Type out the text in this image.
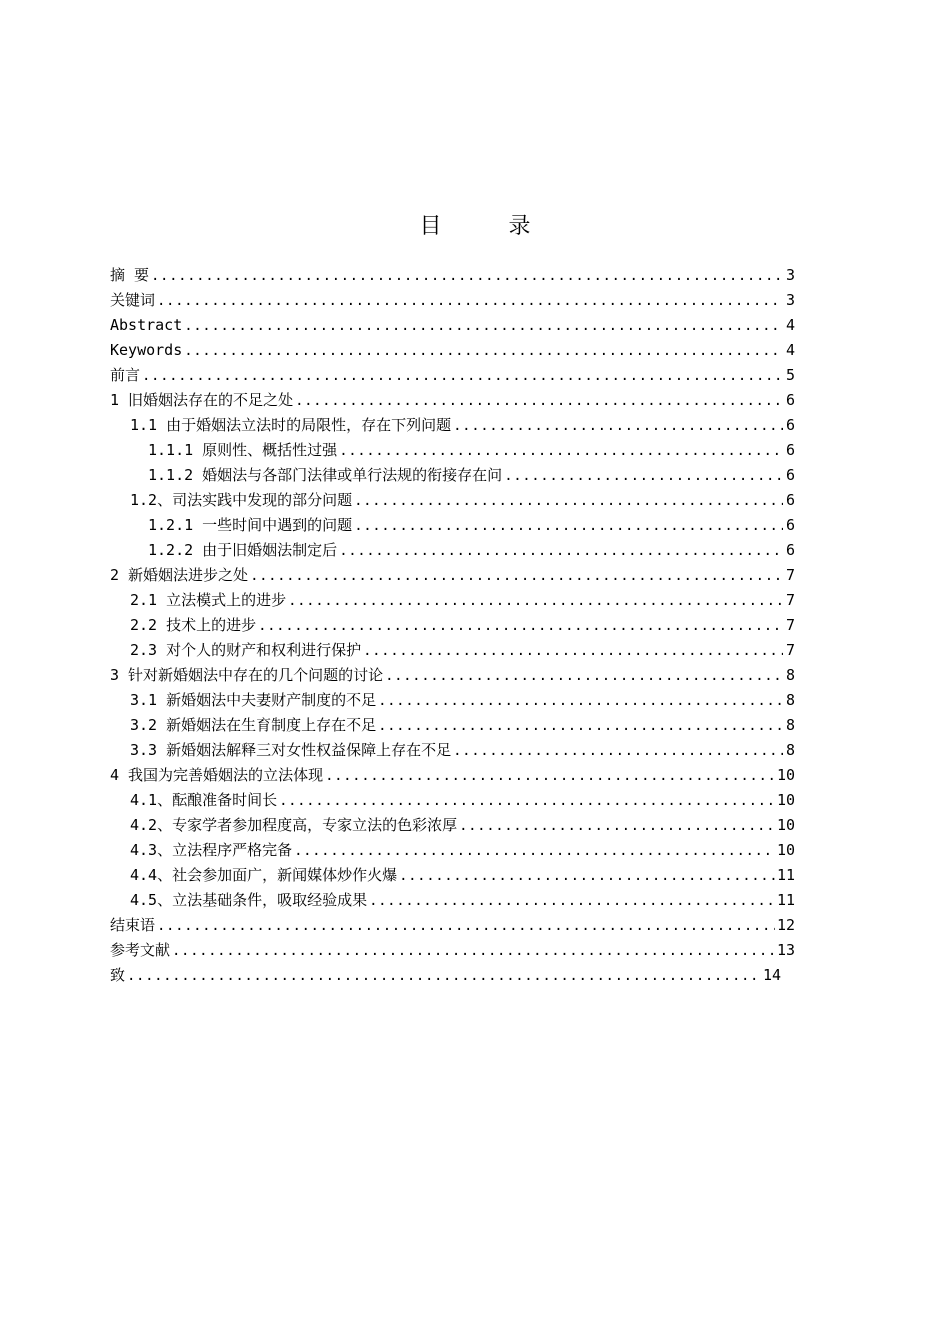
目 录
摘 要 .....	3
关键词 .....	3
Abstract .....	4
Keywords .....	4
前言 .....	5
1 旧婚姻法存在的不足之处 .....	6
1.1 由于婚姻法立法时的局限性，存在下列问题 .....	6
1.1.1 原则性、概括性过强 .....	6
1.1.2 婚姻法与各部门法律或单行法规的衔接存在问 .....	6
1.2、司法实践中发现的部分问题 .....	6
1.2.1 一些时间中遇到的问题 .....	6
1.2.2 由于旧婚姻法制定后 .....	6
2 新婚姻法进步之处 .....	7
2.1 立法模式上的进步 .....	7
2.2 技术上的进步 .....	7
2.3 对个人的财产和权利进行保护 .....	7
3 针对新婚姻法中存在的几个问题的讨论 .....	8
3.1 新婚姻法中夫妻财产制度的不足 .....	8
3.2 新婚姻法在生育制度上存在不足 .....	8
3.3 新婚姻法解释三对女性权益保障上存在不足 .....	8
4 我国为完善婚姻法的立法体现 .....	10
4.1、酝酿准备时间长 .....	10
4.2、专家学者参加程度高，专家立法的色彩浓厚 .....	10
4.3、立法程序严格完备 .....	10
4.4、社会参加面广，新闻媒体炒作火爆 .....	11
4.5、立法基础条件，吸取经验成果 .....	11
结束语 .....	12
参考文献 .....	13
致 .....	14
